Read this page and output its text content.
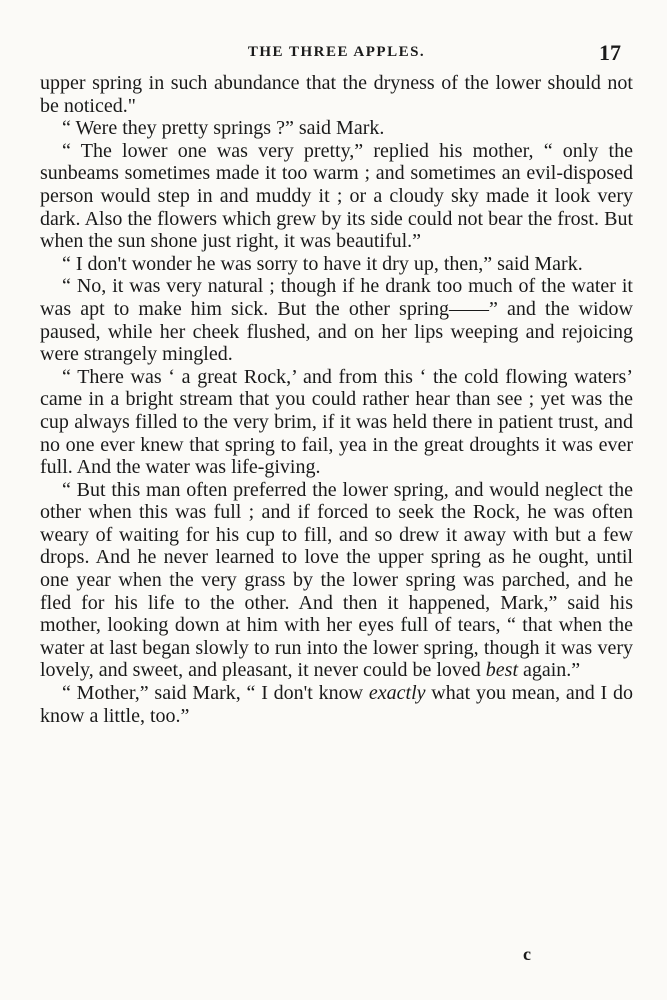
THE THREE APPLES.	17

upper spring in such abundance that the dryness of the lower should not be noticed."

“ Were they pretty springs ?” said Mark.

“ The lower one was very pretty,” replied his mother, “ only the sunbeams sometimes made it too warm ; and sometimes an evil-disposed person would step in and muddy it ; or a cloudy sky made it look very dark. Also the flowers which grew by its side could not bear the frost. But when the sun shone just right, it was beautiful.”

“ I don't wonder he was sorry to have it dry up, then,” said Mark.

“ No, it was very natural ; though if he drank too much of the water it was apt to make him sick. But the other spring——” and the widow paused, while her cheek flushed, and on her lips weeping and rejoicing were strangely mingled.

“ There was ‘ a great Rock,’ and from this ‘ the cold flowing waters’ came in a bright stream that you could rather hear than see ; yet was the cup always filled to the very brim, if it was held there in patient trust, and no one ever knew that spring to fail, yea in the great droughts it was ever full. And the water was life-giving.

“ But this man often preferred the lower spring, and would neglect the other when this was full ; and if forced to seek the Rock, he was often weary of waiting for his cup to fill, and so drew it away with but a few drops. And he never learned to love the upper spring as he ought, until one year when the very grass by the lower spring was parched, and he fled for his life to the other. And then it happened, Mark,” said his mother, looking down at him with her eyes full of tears, “ that when the water at last began slowly to run into the lower spring, though it was very lovely, and sweet, and pleasant, it never could be loved best again.”

“ Mother,” said Mark, “ I don't know exactly what you mean, and I do know a little, too.”

c
